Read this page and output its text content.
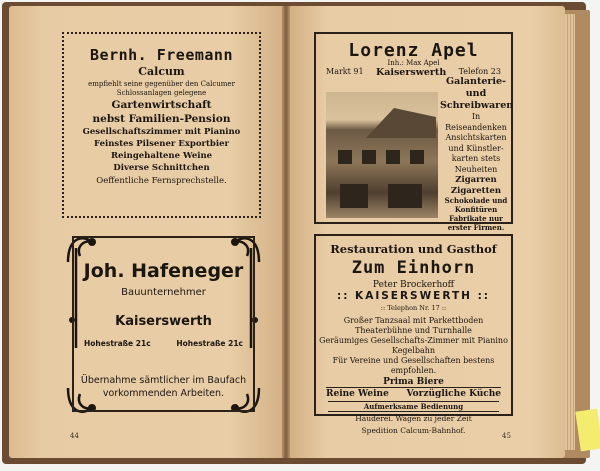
Bernh. Freemann
Calcum
empfiehlt seine gegenüber den Calcumer Schlossanlagen gelegene
Gartenwirtschaft
nebst Familien-Pension
Gesellschaftszimmer mit Pianino
Feinstes Pilsener Exportbier
Reingehaltene Weine
Diverse Schnittchen
Oeffentliche Fernsprechstelle.
Joh. Hafeneger
Bauunternehmer
Kaiserswerth
Hohestraße 21c	Hohestraße 21c
Übernahme sämtlicher im Baufach
vorkommenden Arbeiten.
Lorenz Apel
Inh.: Max Apel
Markt 91 Kaiserswerth Telefon 23
Galanterie- und
Schreibwaren
In
Reiseandenken
Ansichtskarten
und Künstler-
karten stets
Neuheiten
Zigarren
Zigaretten
Schokolade und
Konfitüren
Fabrikate nur
erster Firmen.
Restauration und Gasthof
Zum Einhorn
Peter Brockerhoff
:: KAISERSWERTH ::
:: Telephon Nr. 17 ::
Großer Tanzsaal mit Parkettboden
Theaterbühne und Turnhalle
Geräumiges Gesellschafts-Zimmer mit Pianino
Kegelbahn
Für Vereine und Gesellschaften bestens empfohlen.
Prima Biere
Reine Weine Vorzügliche Küche
Aufmerksame Bedienung
Hauderei. Wagen zu jeder Zeit
Spedition Calcum-Bahnhof.
44	45
